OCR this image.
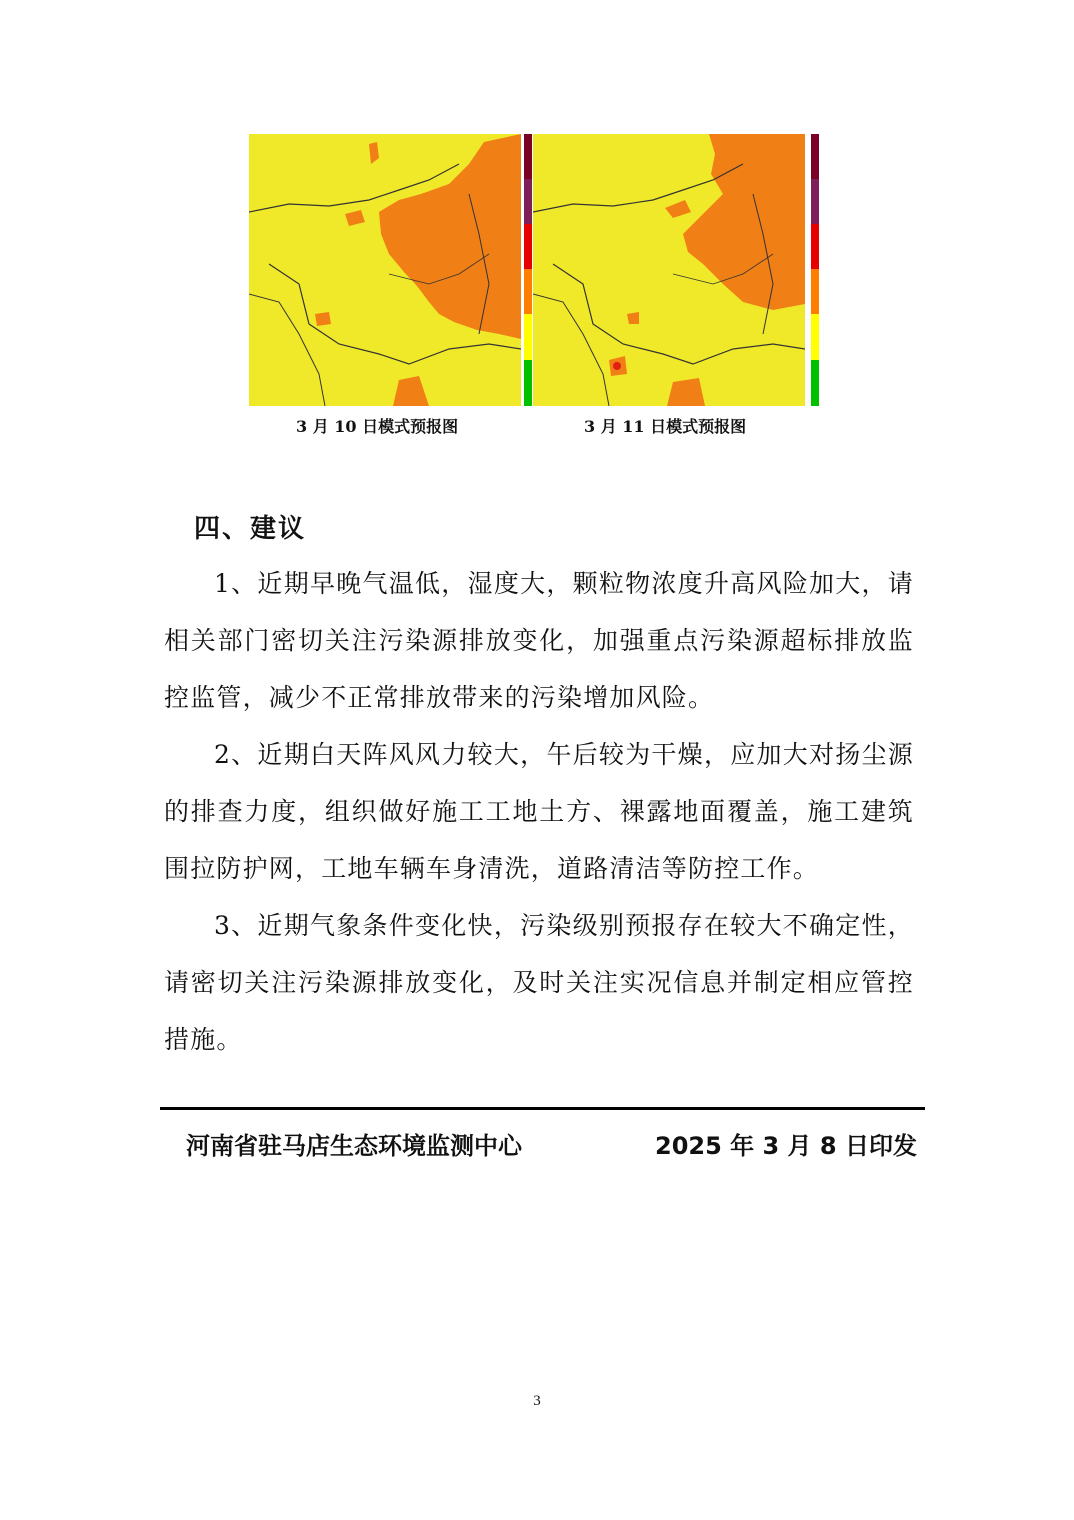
3 月 10 日模式预报图	3 月 11 日模式预报图
四、建议
1、近期早晚气温低，湿度大，颗粒物浓度升高风险加大，请相关部门密切关注污染源排放变化，加强重点污染源超标排放监控监管，减少不正常排放带来的污染增加风险。
2、近期白天阵风风力较大，午后较为干燥，应加大对扬尘源的排查力度，组织做好施工工地土方、裸露地面覆盖，施工建筑围拉防护网，工地车辆车身清洗，道路清洁等防控工作。
3、近期气象条件变化快，污染级别预报存在较大不确定性，请密切关注污染源排放变化，及时关注实况信息并制定相应管控措施。
河南省驻马店生态环境监测中心	2025 年 3 月 8 日印发
3
